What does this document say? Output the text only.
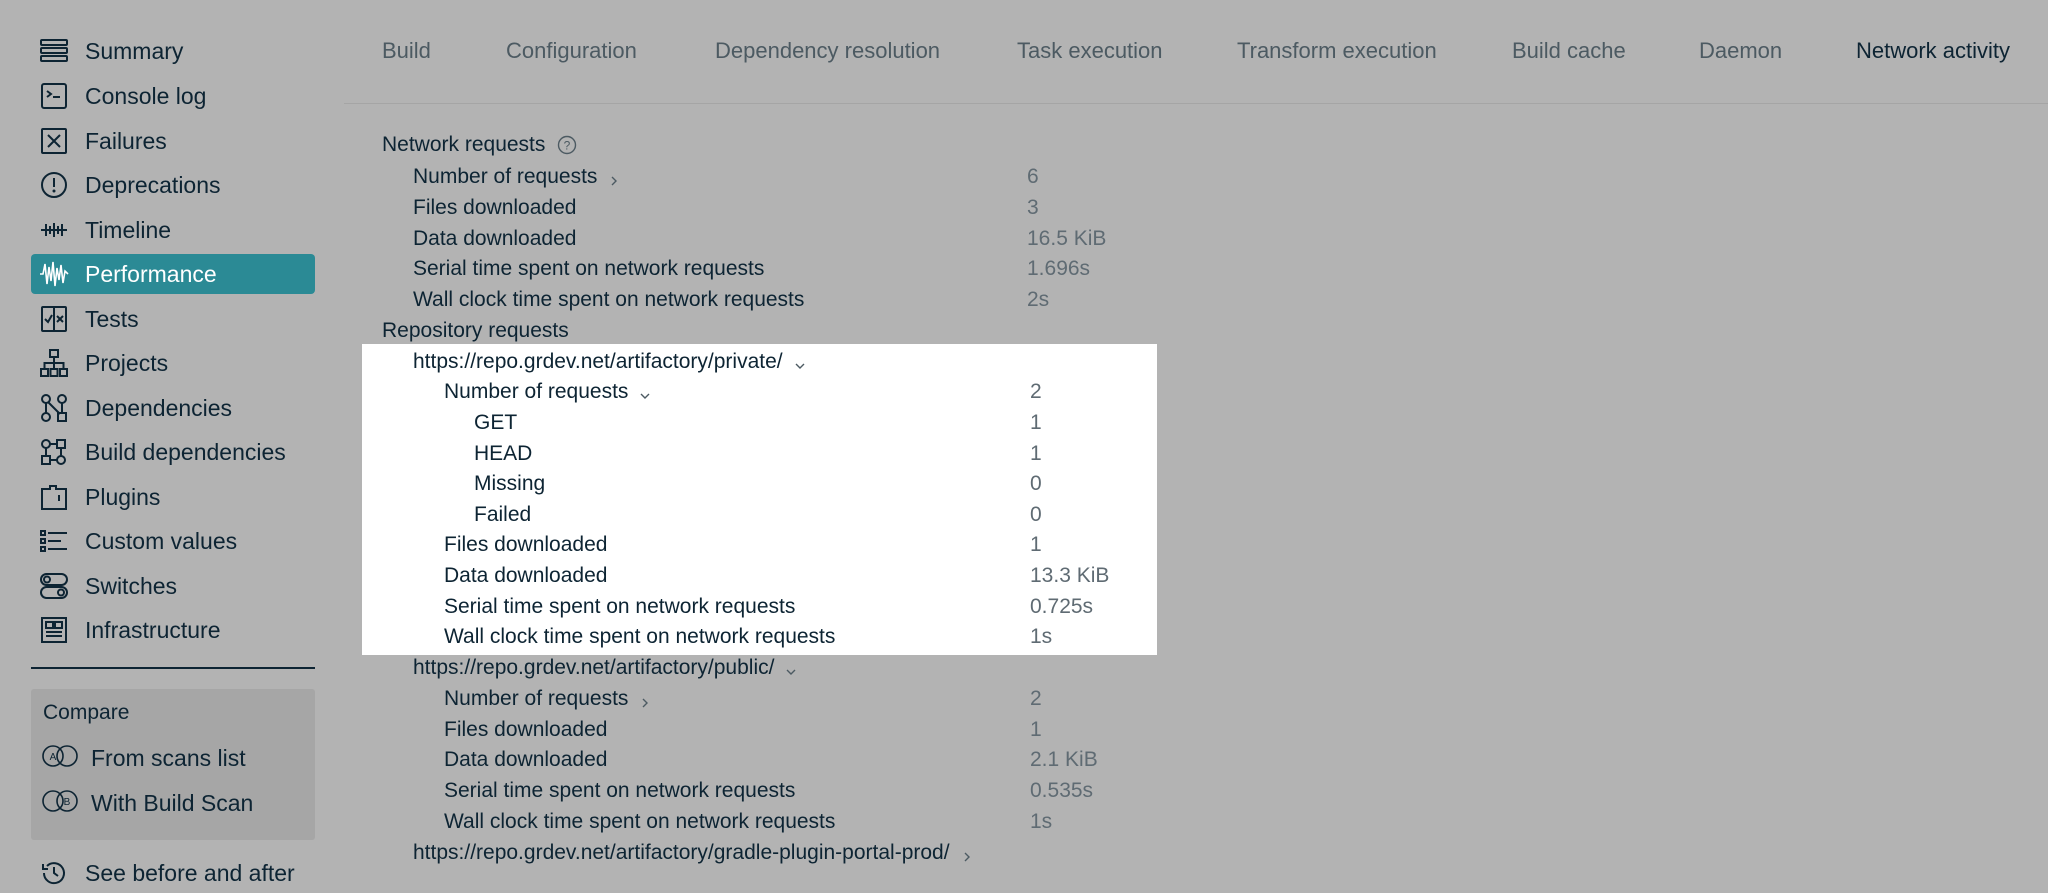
Summary
Console log
Failures
Deprecations
Timeline
Performance
Tests
Projects
Dependencies
Build dependencies
Plugins
Custom values
Switches
Infrastructure
Compare
A From scans list
B With Build Scan
See before and after
Build	Configuration	Dependency resolution	Task execution	Transform execution	Build cache	Daemon	Network activity
Network requests ?
Number of requests	6
Files downloaded	3
Data downloaded	16.5 KiB
Serial time spent on network requests	1.696s
Wall clock time spent on network requests	2s
Repository requests
https://repo.grdev.net/artifactory/private/
Number of requests	2
GET	1
HEAD	1
Missing	0
Failed	0
Files downloaded	1
Data downloaded	13.3 KiB
Serial time spent on network requests	0.725s
Wall clock time spent on network requests	1s
https://repo.grdev.net/artifactory/public/
Number of requests	2
Files downloaded	1
Data downloaded	2.1 KiB
Serial time spent on network requests	0.535s
Wall clock time spent on network requests	1s
https://repo.grdev.net/artifactory/gradle-plugin-portal-prod/
